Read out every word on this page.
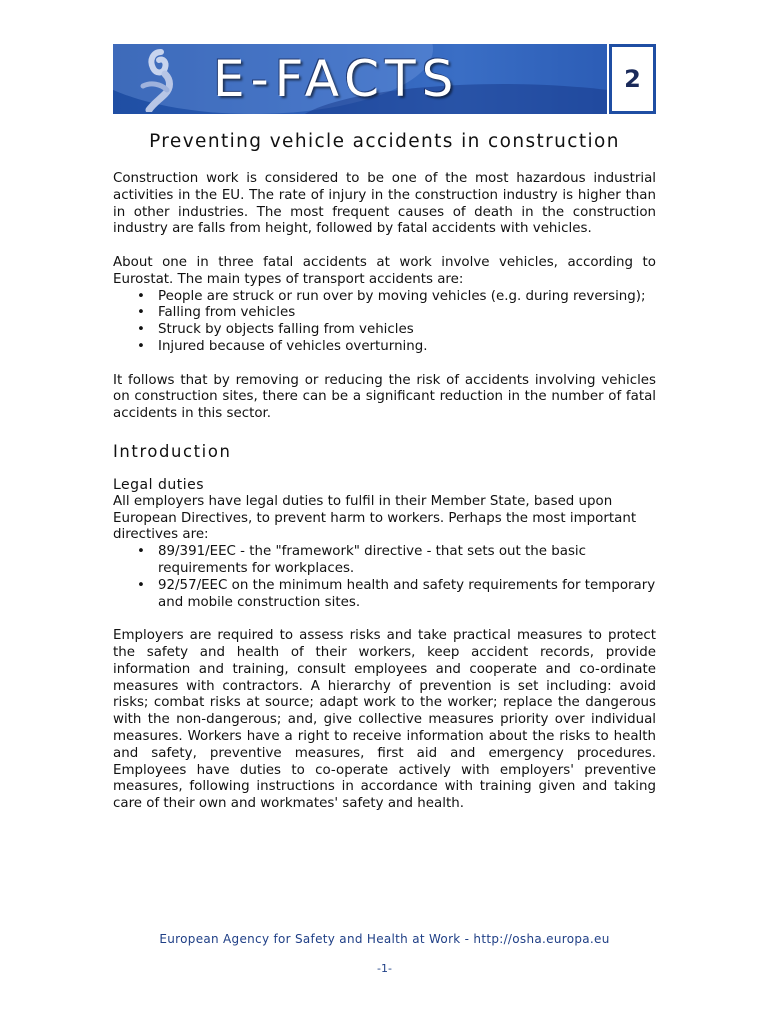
E-FACTS	2
Preventing vehicle accidents in construction

Construction work is considered to be one of the most hazardous industrial activities in the EU. The rate of injury in the construction industry is higher than in other industries. The most frequent causes of death in the construction industry are falls from height, followed by fatal accidents with vehicles.

About one in three fatal accidents at work involve vehicles, according to Eurostat. The main types of transport accidents are:

• People are struck or run over by moving vehicles (e.g. during reversing);
• Falling from vehicles
• Struck by objects falling from vehicles
• Injured because of vehicles overturning.

It follows that by removing or reducing the risk of accidents involving vehicles on construction sites, there can be a significant reduction in the number of fatal accidents in this sector.

Introduction
Legal duties

All employers have legal duties to fulfil in their Member State, based upon European Directives, to prevent harm to workers. Perhaps the most important directives are:

• 89/391/EEC - the "framework" directive - that sets out the basic requirements for workplaces.
• 92/57/EEC on the minimum health and safety requirements for temporary and mobile construction sites.

Employers are required to assess risks and take practical measures to protect the safety and health of their workers, keep accident records, provide information and training, consult employees and cooperate and co-ordinate measures with contractors. A hierarchy of prevention is set including: avoid risks; combat risks at source; adapt work to the worker; replace the dangerous with the non-dangerous; and, give collective measures priority over individual measures. Workers have a right to receive information about the risks to health and safety, preventive measures, first aid and emergency procedures. Employees have duties to co-operate actively with employers' preventive measures, following instructions in accordance with training given and taking care of their own and workmates' safety and health.

European Agency for Safety and Health at Work - http://osha.europa.eu
-1-
